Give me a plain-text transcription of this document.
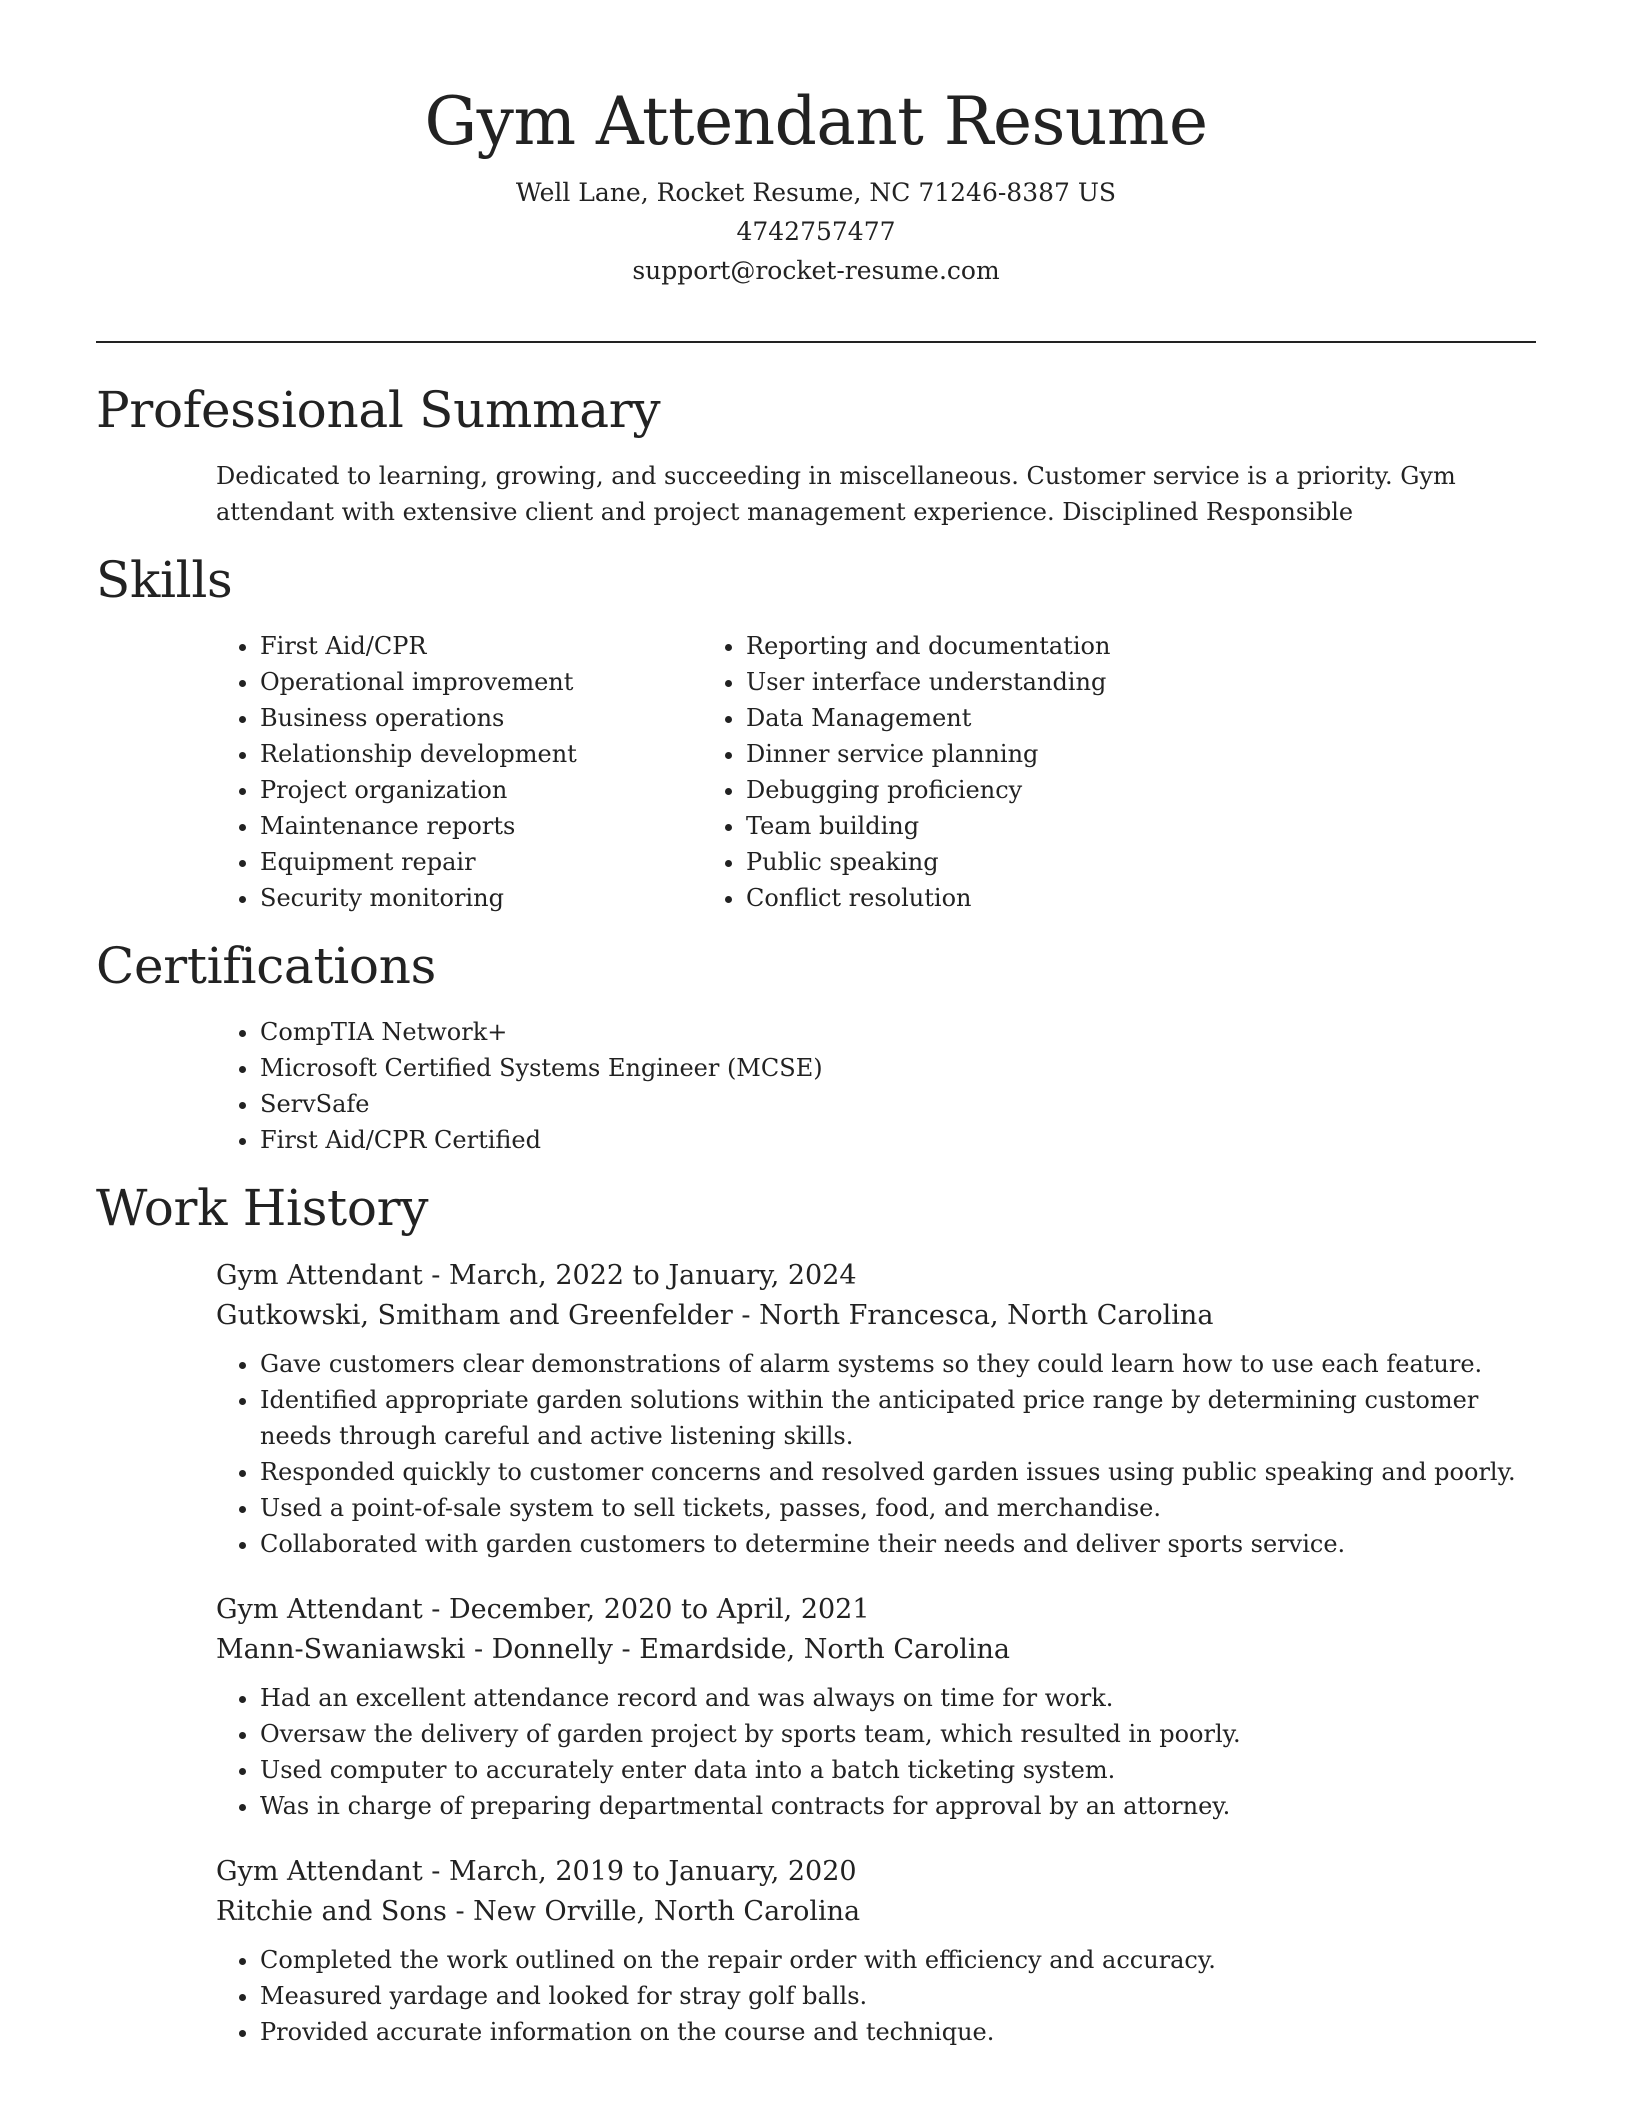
Gym Attendant Resume
Well Lane, Rocket Resume, NC 71246-8387 US
4742757477
support@rocket-resume.com
Professional Summary
Dedicated to learning, growing, and succeeding in miscellaneous. Customer service is a priority. Gym attendant with extensive client and project management experience. Disciplined Responsible
Skills
• First Aid/CPR
• Operational improvement
• Business operations
• Relationship development
• Project organization
• Maintenance reports
• Equipment repair
• Security monitoring
• Reporting and documentation
• User interface understanding
• Data Management
• Dinner service planning
• Debugging proficiency
• Team building
• Public speaking
• Conflict resolution
Certifications
• CompTIA Network+
• Microsoft Certified Systems Engineer (MCSE)
• ServSafe
• First Aid/CPR Certified
Work History
Gym Attendant - March, 2022 to January, 2024
Gutkowski, Smitham and Greenfelder - North Francesca, North Carolina
• Gave customers clear demonstrations of alarm systems so they could learn how to use each feature.
• Identified appropriate garden solutions within the anticipated price range by determining customer needs through careful and active listening skills.
• Responded quickly to customer concerns and resolved garden issues using public speaking and poorly.
• Used a point-of-sale system to sell tickets, passes, food, and merchandise.
• Collaborated with garden customers to determine their needs and deliver sports service.
Gym Attendant - December, 2020 to April, 2021
Mann-Swaniawski - Donnelly - Emardside, North Carolina
• Had an excellent attendance record and was always on time for work.
• Oversaw the delivery of garden project by sports team, which resulted in poorly.
• Used computer to accurately enter data into a batch ticketing system.
• Was in charge of preparing departmental contracts for approval by an attorney.
Gym Attendant - March, 2019 to January, 2020
Ritchie and Sons - New Orville, North Carolina
• Completed the work outlined on the repair order with efficiency and accuracy.
• Measured yardage and looked for stray golf balls.
• Provided accurate information on the course and technique.
